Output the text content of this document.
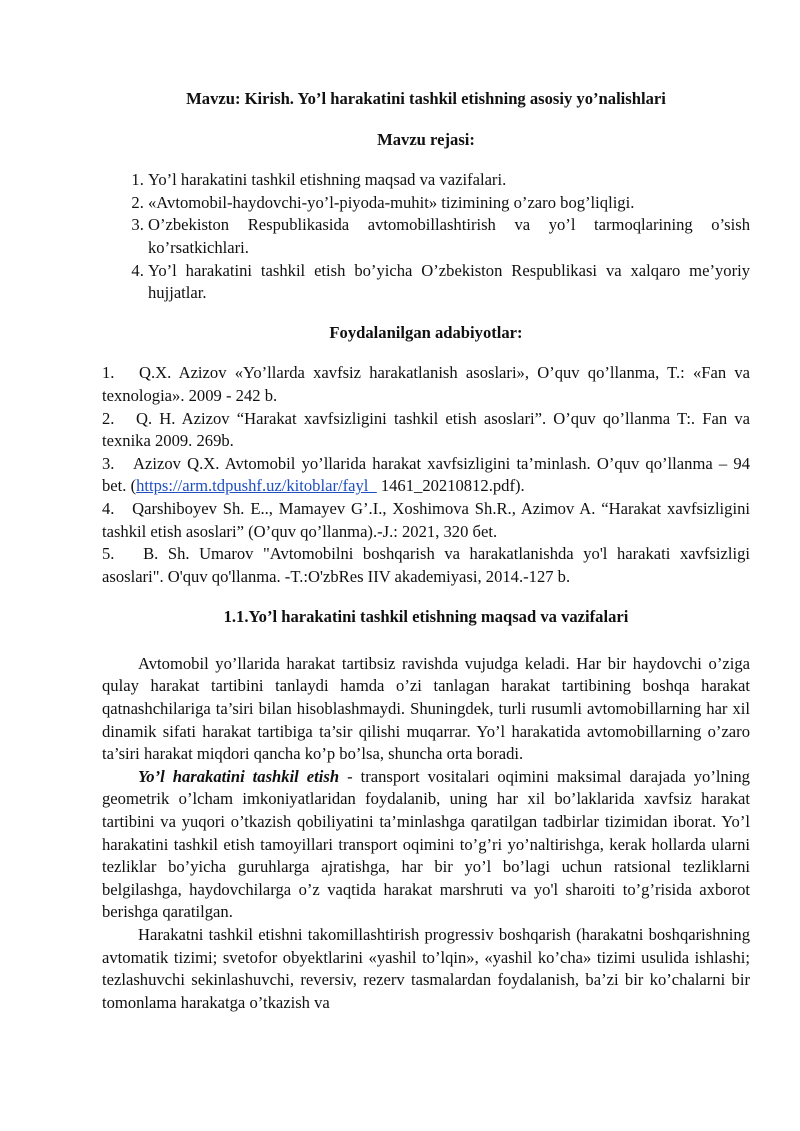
Mavzu: Kirish. Yo’l harakatini tashkil etishning asosiy yo’nalishlari
Mavzu rejasi:
1. Yo’l harakatini tashkil etishning maqsad va vazifalari.
2. «Avtomobil-haydovchi-yo’l-piyoda-muhit» tizimining o’zaro bog’liqligi.
3. O’zbekiston Respublikasida avtomobillashtirish va yo’l tarmoqlarining o’sish ko’rsatkichlari.
4. Yo’l harakatini tashkil etish bo’yicha O’zbekiston Respublikasi va xalqaro me’yoriy hujjatlar.
Foydalanilgan adabiyotlar:
1. Q.X. Azizov «Yo’llarda xavfsiz harakatlanish asoslari», O’quv qo’llanma, T.: «Fan va texnologia». 2009 - 242 b.
2. Q. H. Azizov “Harakat xavfsizligini tashkil etish asoslari”. O’quv qo’llanma T:. Fan va texnika 2009. 269b.
3. Azizov Q.X. Avtomobil yo’llarida harakat xavfsizligini ta’minlash. O’quv qo’llanma – 94 bet. (https://arm.tdpushf.uz/kitoblar/fayl_ 1461_20210812.pdf).
4. Qarshiboyev Sh. E.., Mamayev G’.I., Xoshimova Sh.R., Azimov A. “Harakat xavfsizligini tashkil etish asoslari” (O’quv qo’llanma).-J.: 2021, 320 бet.
5. B. Sh. Umarov "Avtomobilni boshqarish va harakatlanishda yo'l harakati xavfsizligi asoslari". O'quv qo'llanma. -T.:O'zbRes IIV akademiyasi, 2014.-127 b.
1.1.Yo’l harakatini tashkil etishning maqsad va vazifalari

Avtomobil yo’llarida harakat tartibsiz ravishda vujudga keladi. Har bir haydovchi o’ziga qulay harakat tartibini tanlaydi hamda o’zi tanlagan harakat tartibining boshqa harakat qatnashchilariga ta’siri bilan hisoblashmaydi. Shuningdek, turli rusumli avtomobillarning har xil dinamik sifati harakat tartibiga ta’sir qilishi muqarrar. Yo’l harakatida avtomobillarning o’zaro ta’siri harakat miqdori qancha ko’p bo’lsa, shuncha orta boradi.

Yo’l harakatini tashkil etish - transport vositalari oqimini maksimal darajada yo’lning geometrik o’lcham imkoniyatlaridan foydalanib, uning har xil bo’laklarida xavfsiz harakat tartibini va yuqori o’tkazish qobiliyatini ta’minlashga qaratilgan tadbirlar tizimidan iborat. Yo’l harakatini tashkil etish tamoyillari transport oqimini to’g’ri yo’naltirishga, kerak hollarda ularni tezliklar bo’yicha guruhlarga ajratishga, har bir yo’l bo’lagi uchun ratsional tezliklarni belgilashga, haydovchilarga o’z vaqtida harakat marshruti va yo'l sharoiti to’g’risida axborot berishga qaratilgan.

Harakatni tashkil etishni takomillashtirish progressiv boshqarish (harakatni boshqarishning avtomatik tizimi; svetofor obyektlarini «yashil to’lqin», «yashil ko’cha» tizimi usulida ishlashi; tezlashuvchi sekinlashuvchi, reversiv, rezerv tasmalardan foydalanish, ba’zi bir ko’chalarni bir tomonlama harakatga o’tkazish va
